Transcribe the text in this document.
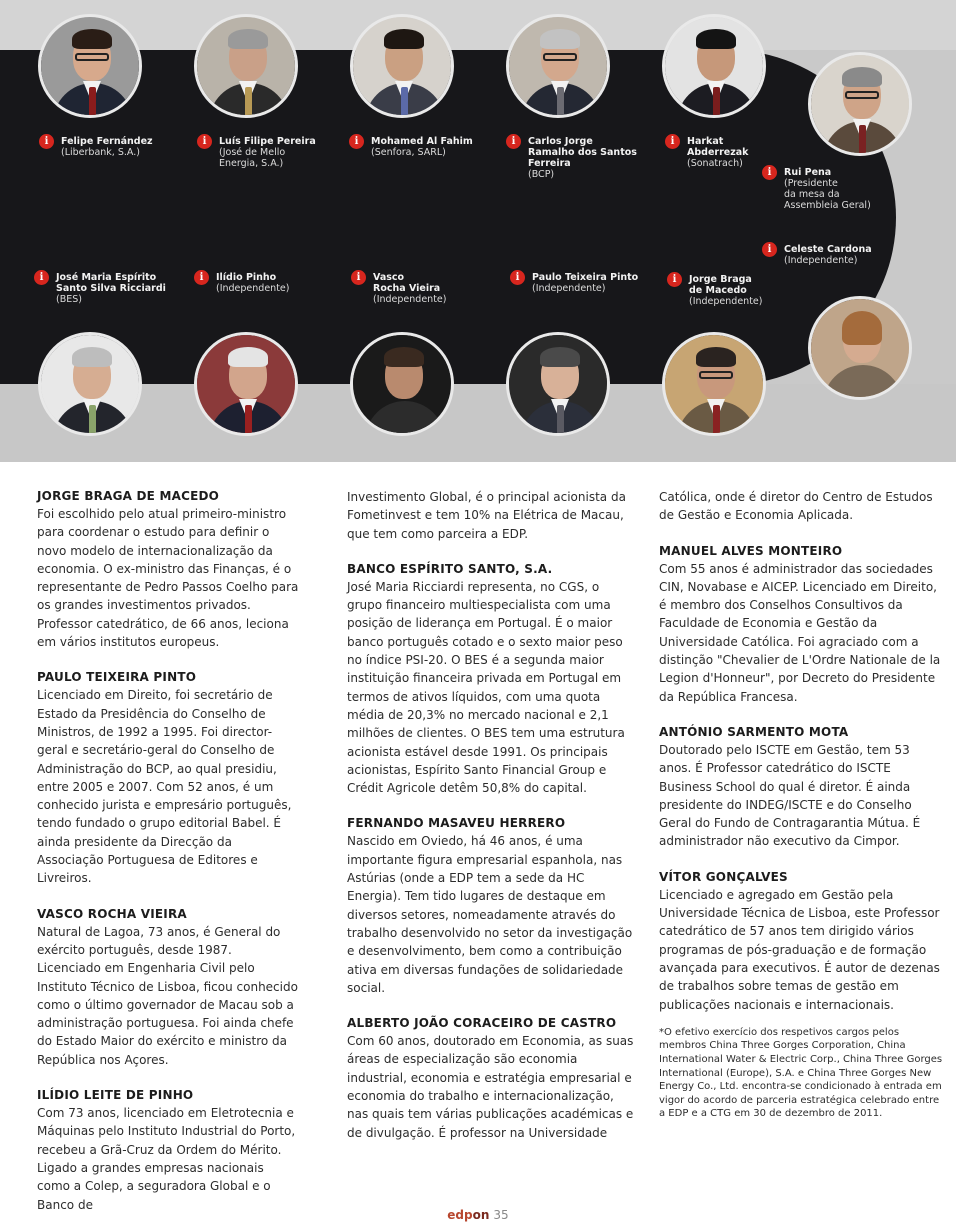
i	Felipe Fernández
(Liberbank, S.A.)
i	Luís Filipe Pereira
(José de Mello
Energia, S.A.)
i	Mohamed Al Fahim
(Senfora, SARL)
i	Carlos Jorge
Ramalho dos Santos
Ferreira
(BCP)
i	Harkat
Abderrezak
(Sonatrach)
i	Rui Pena
(Presidente
da mesa da
Assembleia Geral)
i	Celeste Cardona
(Independente)
i	José Maria Espírito
Santo Silva Ricciardi
(BES)
i	Ilídio Pinho
(Independente)
i	Vasco
Rocha Vieira
(Independente)
i	Paulo Teixeira Pinto
(Independente)
i	Jorge Braga
de Macedo
(Independente)
JORGE BRAGA DE MACEDO

Foi escolhido pelo atual primeiro-ministro para coordenar o estudo para definir o novo modelo de internacionalização da economia. O ex-ministro das Finanças, é o representante de Pedro Passos Coelho para os grandes investimentos privados. Professor catedrático, de 66 anos, leciona em vários institutos europeus.

PAULO TEIXEIRA PINTO

Licenciado em Direito, foi secretário de Estado da Presidência do Conselho de Ministros, de 1992 a 1995. Foi director-geral e secretário-geral do Conselho de Administração do BCP, ao qual presidiu, entre 2005 e 2007. Com 52 anos, é um conhecido jurista e empresário português, tendo fundado o grupo editorial Babel. É ainda presidente da Direcção da Associação Portuguesa de Editores e Livreiros.

VASCO ROCHA VIEIRA

Natural de Lagoa, 73 anos, é General do exército português, desde 1987. Licenciado em Engenharia Civil pelo Instituto Técnico de Lisboa, ficou conhecido como o último governador de Macau sob a administração portuguesa. Foi ainda chefe do Estado Maior do exército e ministro da República nos Açores.

ILÍDIO LEITE DE PINHO

Com 73 anos, licenciado em Eletrotecnia e Máquinas pelo Instituto Industrial do Porto, recebeu a Grã-Cruz da Ordem do Mérito. Ligado a grandes empresas nacionais como a Colep, a seguradora Global e o Banco de

Investimento Global, é o principal acionista da Fometinvest e tem 10% na Elétrica de Macau, que tem como parceira a EDP.

BANCO ESPÍRITO SANTO, S.A.

José Maria Ricciardi representa, no CGS, o grupo financeiro multiespecialista com uma posição de liderança em Portugal. É o maior banco português cotado e o sexto maior peso no índice PSI-20. O BES é a segunda maior instituição financeira privada em Portugal em termos de ativos líquidos, com uma quota média de 20,3% no mercado nacional e 2,1 milhões de clientes. O BES tem uma estrutura acionista estável desde 1991. Os principais acionistas, Espírito Santo Financial Group e Crédit Agricole detêm 50,8% do capital.

FERNANDO MASAVEU HERRERO

Nascido em Oviedo, há 46 anos, é uma importante figura empresarial espanhola, nas Astúrias (onde a EDP tem a sede da HC Energia). Tem tido lugares de destaque em diversos setores, nomeadamente através do trabalho desenvolvido no setor da investigação e desenvolvimento, bem como a contribuição ativa em diversas fundações de solidariedade social.

ALBERTO JOÃO CORACEIRO DE CASTRO

Com 60 anos, doutorado em Economia, as suas áreas de especialização são economia industrial, economia e estratégia empresarial e economia do trabalho e internacionalização, nas quais tem várias publicações académicas e de divulgação. É professor na Universidade

Católica, onde é diretor do Centro de Estudos de Gestão e Economia Aplicada.

MANUEL ALVES MONTEIRO

Com 55 anos é administrador das sociedades CIN, Novabase e AICEP. Licenciado em Direito, é membro dos Conselhos Consultivos da Faculdade de Economia e Gestão da Universidade Católica. Foi agraciado com a distinção "Chevalier de L'Ordre Nationale de la Legion d'Honneur", por Decreto do Presidente da República Francesa.

ANTÓNIO SARMENTO MOTA

Doutorado pelo ISCTE em Gestão, tem 53 anos. É Professor catedrático do ISCTE Business School do qual é diretor. É ainda presidente do INDEG/ISCTE e do Conselho Geral do Fundo de Contragarantia Mútua. É administrador não executivo da Cimpor.

VÍTOR GONÇALVES

Licenciado e agregado em Gestão pela Universidade Técnica de Lisboa, este Professor catedrático de 57 anos tem dirigido vários programas de pós-graduação e de formação avançada para executivos. É autor de dezenas de trabalhos sobre temas de gestão em publicações nacionais e internacionais.

*O efetivo exercício dos respetivos cargos pelos membros China Three Gorges Corporation, China International Water & Electric Corp., China Three Gorges International (Europe), S.A. e China Three Gorges New Energy Co., Ltd. encontra-se condicionado à entrada em vigor do acordo de parceria estratégica celebrado entre a EDP e a CTG em 30 de dezembro de 2011.

edpon 35
